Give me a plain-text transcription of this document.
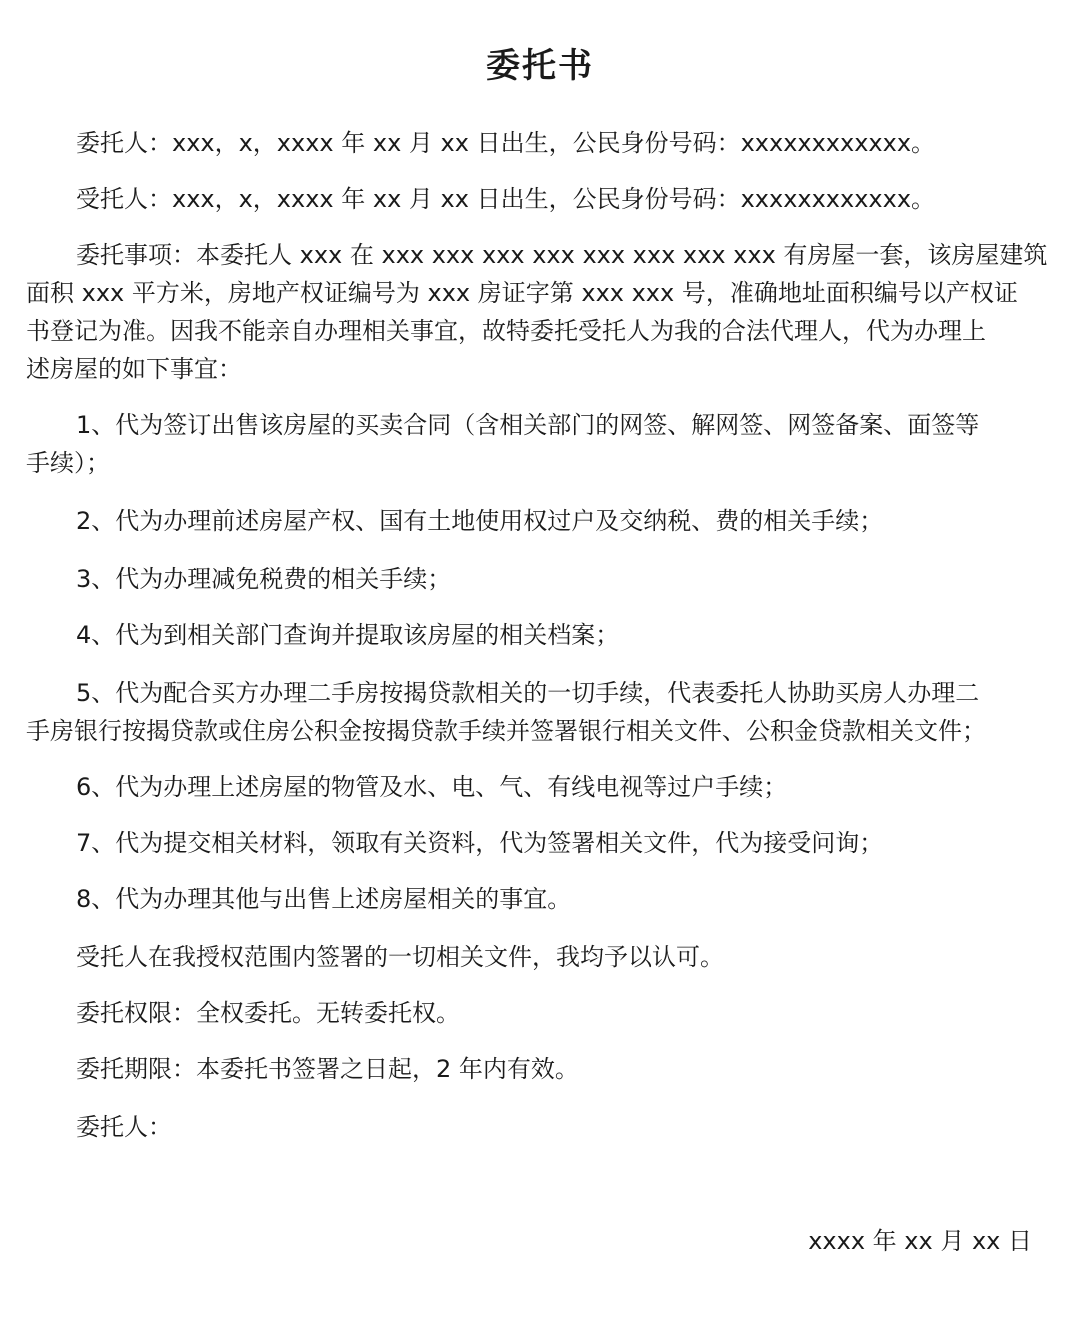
委托书
委托人：xxx，x，xxxx 年 xx 月 xx 日出生，公民身份号码：xxxxxxxxxxxx。
受托人：xxx，x，xxxx 年 xx 月 xx 日出生，公民身份号码：xxxxxxxxxxxx。
委托事项：本委托人 xxx 在 xxx xxx xxx xxx xxx xxx xxx xxx 有房屋一套，该房屋建筑
面积 xxx 平方米，房地产权证编号为 xxx 房证字第 xxx xxx 号，准确地址面积编号以产权证
书登记为准。因我不能亲自办理相关事宜，故特委托受托人为我的合法代理人，代为办理上
述房屋的如下事宜：
1、代为签订出售该房屋的买卖合同（含相关部门的网签、解网签、网签备案、面签等
手续）；
2、代为办理前述房屋产权、国有土地使用权过户及交纳税、费的相关手续；
3、代为办理减免税费的相关手续；
4、代为到相关部门查询并提取该房屋的相关档案；
5、代为配合买方办理二手房按揭贷款相关的一切手续，代表委托人协助买房人办理二
手房银行按揭贷款或住房公积金按揭贷款手续并签署银行相关文件、公积金贷款相关文件；
6、代为办理上述房屋的物管及水、电、气、有线电视等过户手续；
7、代为提交相关材料，领取有关资料，代为签署相关文件，代为接受问询；
8、代为办理其他与出售上述房屋相关的事宜。
受托人在我授权范围内签署的一切相关文件，我均予以认可。
委托权限：全权委托。无转委托权。
委托期限：本委托书签署之日起，2 年内有效。
委托人：
xxxx 年 xx 月 xx 日
